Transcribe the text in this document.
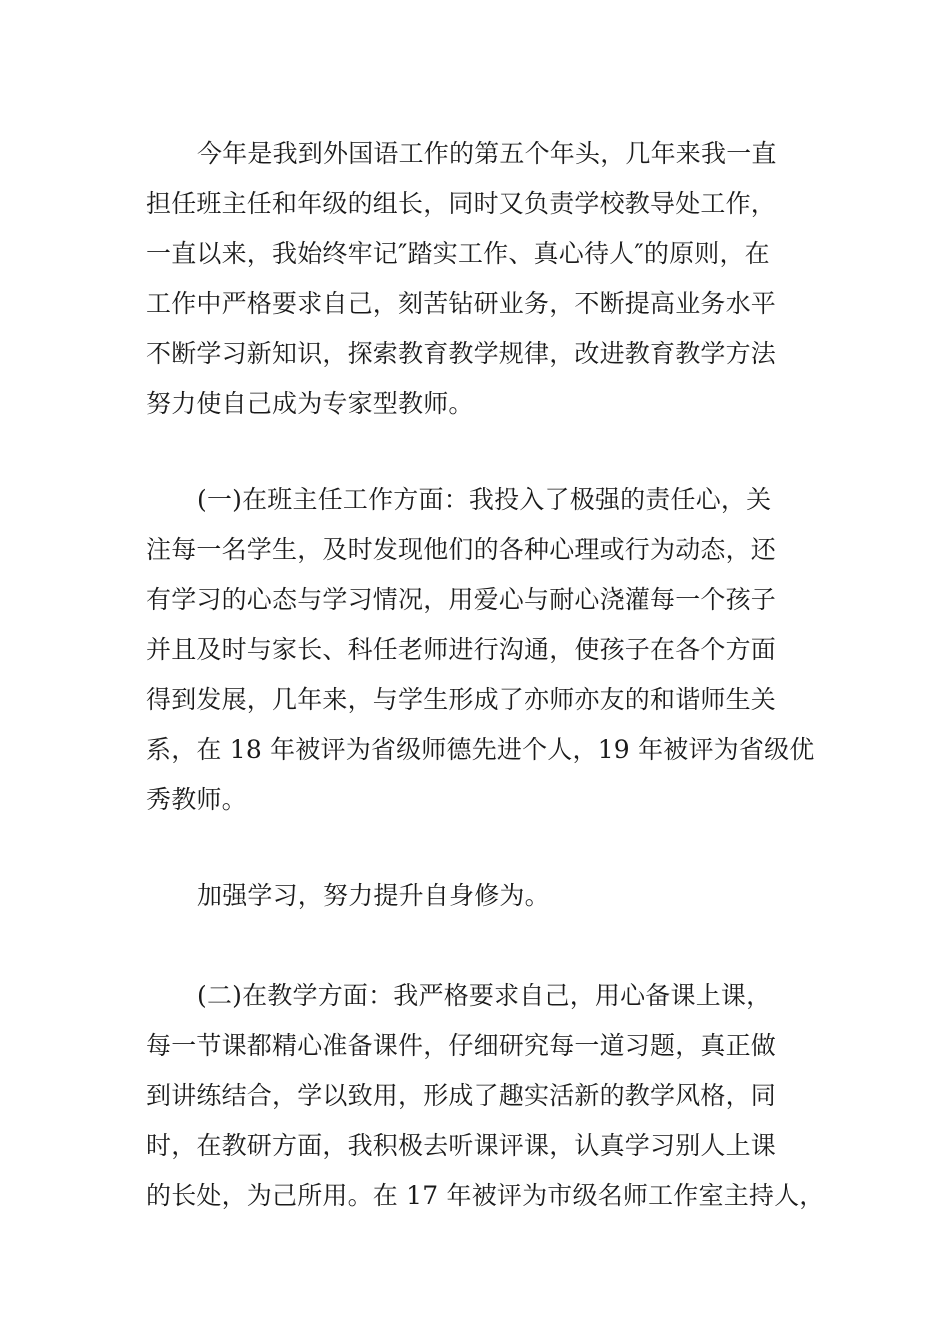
今年是我到外国语工作的第五个年头，几年来我一直
担任班主任和年级的组长，同时又负责学校教导处工作，
一直以来，我始终牢记″踏实工作、真心待人″的原则，在
工作中严格要求自己，刻苦钻研业务，不断提高业务水平
不断学习新知识，探索教育教学规律，改进教育教学方法
努力使自己成为专家型教师。
(一)在班主任工作方面：我投入了极强的责任心，关
注每一名学生，及时发现他们的各种心理或行为动态，还
有学习的心态与学习情况，用爱心与耐心浇灌每一个孩子
并且及时与家长、科任老师进行沟通，使孩子在各个方面
得到发展，几年来，与学生形成了亦师亦友的和谐师生关
系，在 18 年被评为省级师德先进个人，19 年被评为省级优
秀教师。
加强学习，努力提升自身修为。
(二)在教学方面：我严格要求自己，用心备课上课，
每一节课都精心准备课件，仔细研究每一道习题，真正做
到讲练结合，学以致用，形成了趣实活新的教学风格，同
时，在教研方面，我积极去听课评课，认真学习别人上课
的长处，为己所用。在 17 年被评为市级名师工作室主持人，
